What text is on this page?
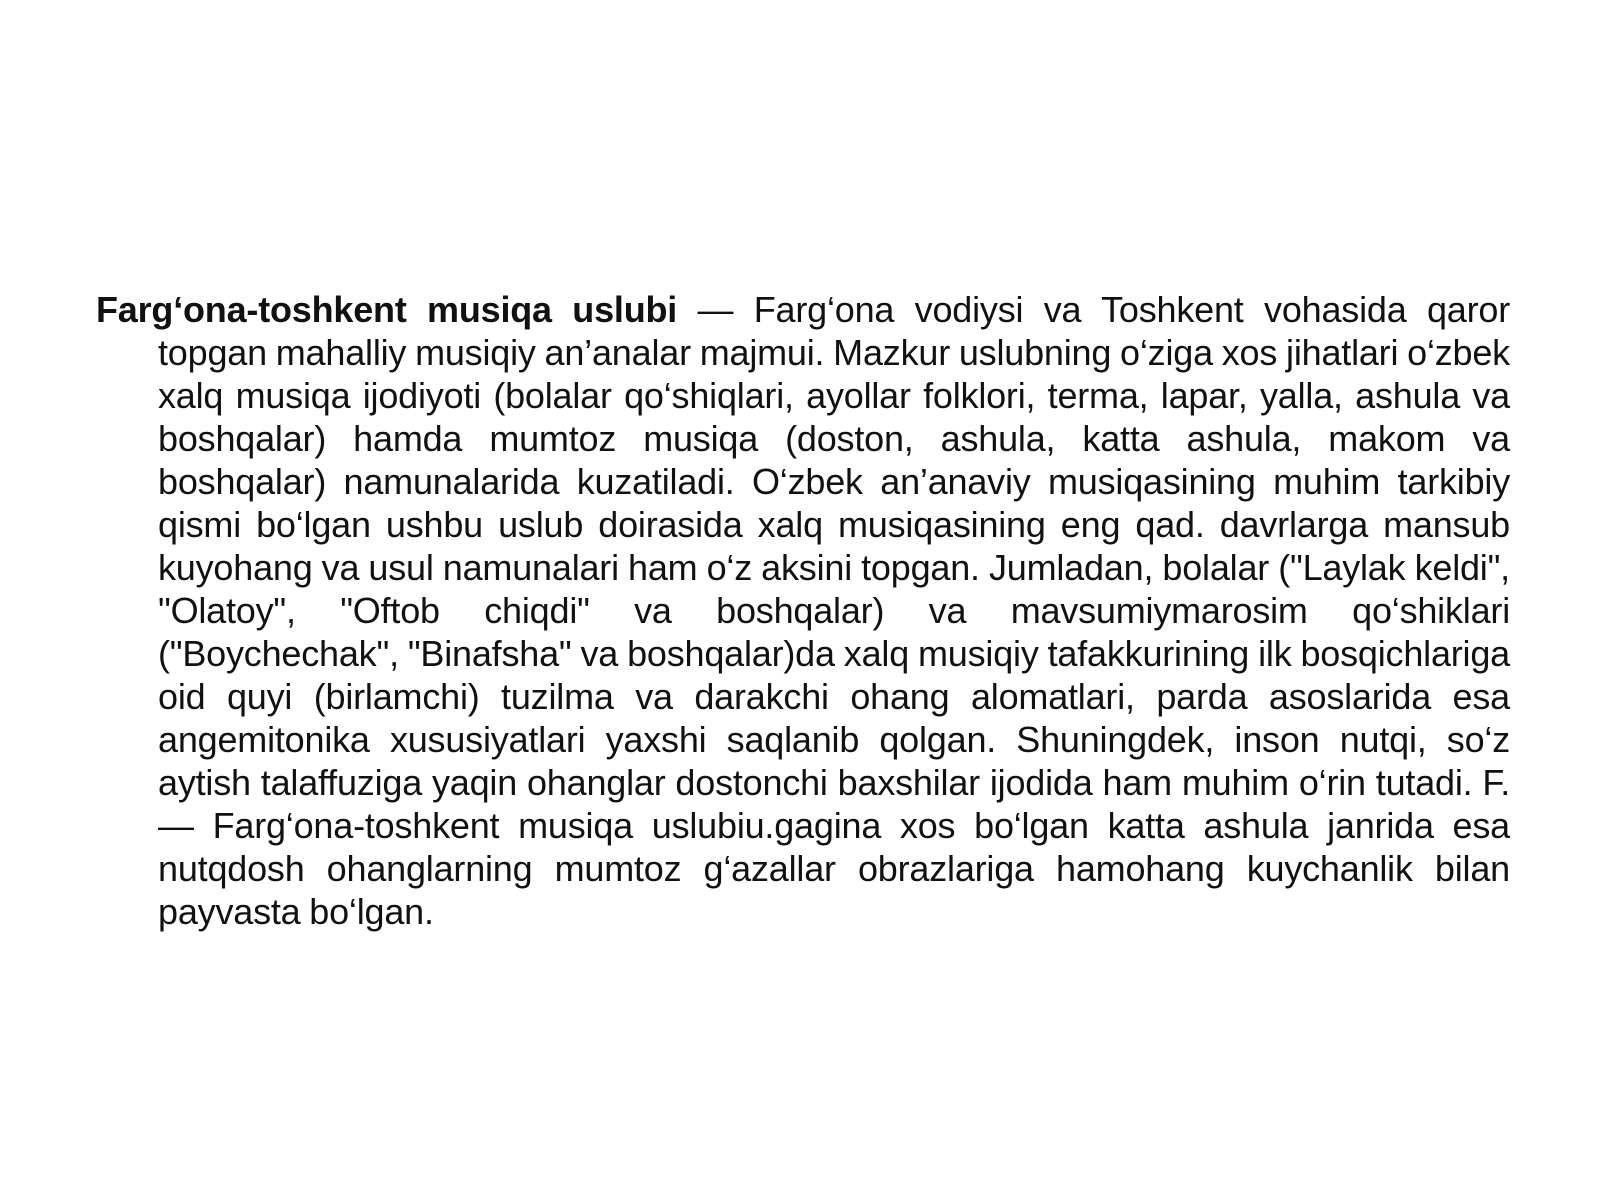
Farg‘ona-toshkent musiqa uslubi — Farg‘ona vodiysi va Toshkent vohasida qaror topgan mahalliy musiqiy an’analar majmui. Mazkur uslubning o‘ziga xos jihatlari o‘zbek xalq musiqa ijodiyoti (bolalar qo‘shiqlari, ayollar folklori, terma, lapar, yalla, ashula va boshqalar) hamda mumtoz musiqa (doston, ashula, katta ashula, makom va boshqalar) namunalarida kuzatiladi. O‘zbek an’anaviy musiqasining muhim tarkibiy qismi bo‘lgan ushbu uslub doirasida xalq musiqasining eng qad. davrlarga mansub kuyohang va usul namunalari ham o‘z aksini topgan. Jumladan, bolalar ("Laylak keldi", "Olatoy", "Oftob chiqdi" va boshqalar) va mavsumiymarosim qo‘shiklari ("Boychechak", "Binafsha" va boshqalar)da xalq musiqiy tafakkurining ilk bosqichlariga oid quyi (birlamchi) tuzilma va darakchi ohang alomatlari, parda asoslarida esa angemitonika xususiyatlari yaxshi saqlanib qolgan. Shuningdek, inson nutqi, so‘z aytish talaffuziga yaqin ohanglar dostonchi baxshilar ijodida ham muhim o‘rin tutadi. F.— Farg‘ona-toshkent musiqa uslubiu.gagina xos bo‘lgan katta ashula janrida esa nutqdosh ohanglarning mumtoz g‘azallar obrazlariga hamohang kuychanlik bilan payvasta bo‘lgan.
